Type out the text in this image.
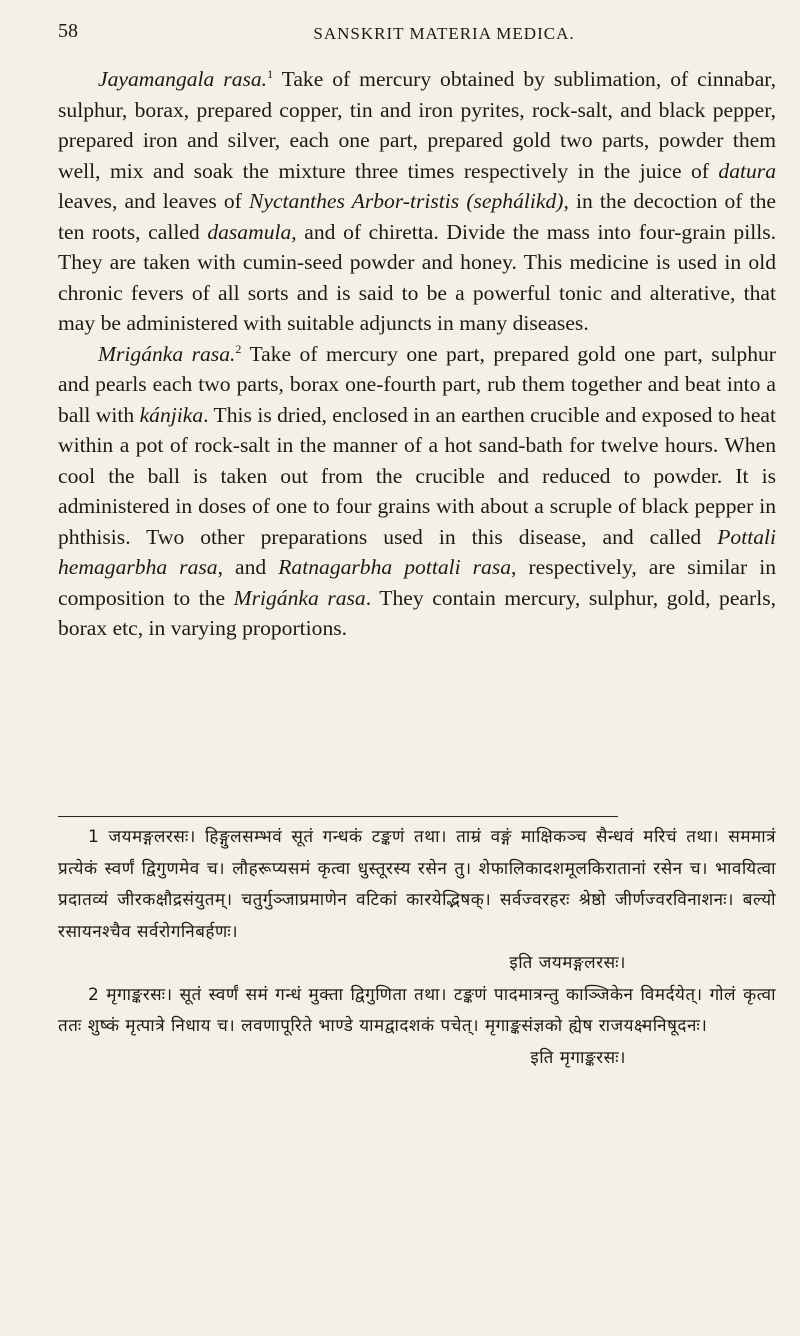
58	SANSKRIT MATERIA MEDICA.

Jayamangala rasa.$^1$ Take of mercury obtained by sublimation, of cinnabar, sulphur, borax, prepared copper, tin and iron pyrites, rock-salt, and black pepper, prepared iron and silver, each one part, prepared gold two parts, powder them well, mix and soak the mixture three times respectively in the juice of datura leaves, and leaves of Nyctanthes Arbor-tristis (sephálikd), in the decoction of the ten roots, called dasamula, and of chiretta. Divide the mass into four-grain pills. They are taken with cumin-seed powder and honey. This medicine is used in old chronic fevers of all sorts and is said to be a powerful tonic and alterative, that may be administered with suitable adjuncts in many diseases.

Mrigánka rasa.$^2$ Take of mercury one part, prepared gold one part, sulphur and pearls each two parts, borax one-fourth part, rub them together and beat into a ball with kánjika. This is dried, enclosed in an earthen crucible and exposed to heat within a pot of rock-salt in the manner of a hot sand-bath for twelve hours. When cool the ball is taken out from the crucible and reduced to powder. It is administered in doses of one to four grains with about a scruple of black pepper in phthisis. Two other preparations used in this disease, and called Pottali hemagarbha rasa, and Ratnagarbha pottali rasa, respectively, are similar in composition to the Mrigánka rasa. They contain mercury, sulphur, gold, pearls, borax etc, in varying proportions.

1 जयमङ्गलरसः। हिङ्गुलसम्भवं सूतं गन्धकं टङ्कणं तथा। ताम्रं वङ्गं माक्षिकञ्च सैन्धवं मरिचं तथा। सममात्रं प्रत्येकं स्वर्णं द्विगुणमेव च। लौहरूप्यसमं कृत्वा धुस्तूरस्य रसेन तु। शेफालिकादशमूलकिरातानां रसेन च। भावयित्वा प्रदातव्यं जीरकक्षौद्रसंयुतम्। चतुर्गुञ्जाप्रमाणेन वटिकां कारयेद्भिषक्। सर्वज्वरहरः श्रेष्ठो जीर्णज्वरविनाशनः। बल्यो रसायनश्चैव सर्वरोगनिबर्हणः।

इति जयमङ्गलरसः।

2 मृगाङ्करसः। सूतं स्वर्णं समं गन्धं मुक्ता द्विगुणिता तथा। टङ्कणं पादमात्रन्तु काञ्जिकेन विमर्दयेत्। गोलं कृत्वा ततः शुष्कं मृत्पात्रे निधाय च। लवणापूरिते भाण्डे यामद्वादशकं पचेत्। मृगाङ्कसंज्ञको ह्येष राजयक्ष्मनिषूदनः।

इति मृगाङ्करसः।
